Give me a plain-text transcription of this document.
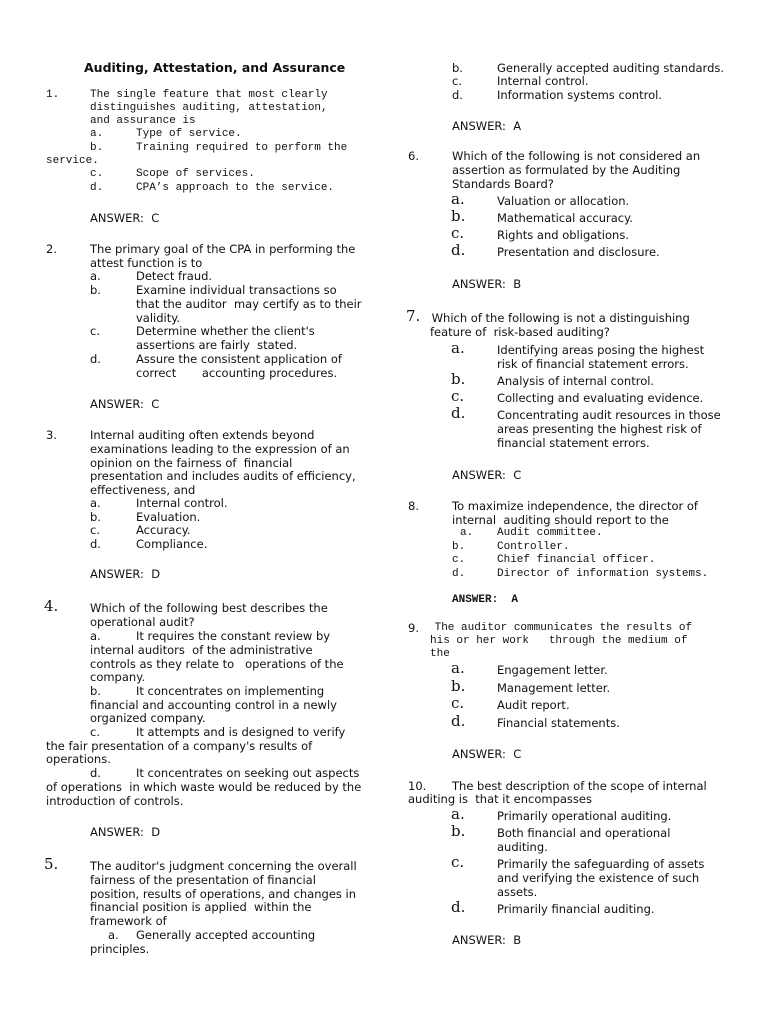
Auditing, Attestation, and Assurance
1.	The single feature that most clearly
distinguishes auditing, attestation,
and assurance is
a.	Type of service.
b.	Training required to perform the
service.
c.	Scope of services.
d.	CPA’s approach to the service.
ANSWER:  C
2.	The primary goal of the CPA in performing the
attest function is to
a.	Detect fraud.
b.	Examine individual transactions so
that the auditor  may certify as to their
validity.
c.	Determine whether the client's
assertions are fairly  stated.
d.	Assure the consistent application of
correct       accounting procedures.
ANSWER:  C
3.	Internal auditing often extends beyond
examinations leading to the expression of an
opinion on the fairness of  financial
presentation and includes audits of efficiency,
effectiveness, and
a.	Internal control.
b.	Evaluation.
c.	Accuracy.
d.	Compliance.
ANSWER:  D
4.	Which of the following best describes the
operational audit?
a.	It requires the constant review by
internal auditors  of the administrative
controls as they relate to   operations of the
company.
b.	It concentrates on implementing
financial and accounting control in a newly
organized company.
c.	It attempts and is designed to verify
the fair presentation of a company's results of
operations.
d.	It concentrates on seeking out aspects
of operations  in which waste would be reduced by the
introduction of controls.
ANSWER:  D
5.	The auditor's judgment concerning the overall
fairness of the presentation of financial
position, results of operations, and changes in
financial position is applied  within the
framework of
a. Generally accepted accounting
principles.
b.	Generally accepted auditing standards.
c.	Internal control.
d.	Information systems control.
ANSWER:  A
6.	Which of the following is not considered an
assertion as formulated by the Auditing
Standards Board?
a.	Valuation or allocation.
b.	Mathematical accuracy.
c.	Rights and obligations.
d.	Presentation and disclosure.
ANSWER:  B
7. Which of the following is not a distinguishing
feature of  risk-based auditing?
a.	Identifying areas posing the highest
risk of financial statement errors.
b.	Analysis of internal control.
c.	Collecting and evaluating evidence.
d.	Concentrating audit resources in those
areas presenting the highest risk of
financial statement errors.
ANSWER:  C
8.	To maximize independence, the director of
internal  auditing should report to the
a. Audit committee.
b.	Controller.
c.	Chief financial officer.
d.	Director of information systems.
ANSWER:  A
9. The auditor communicates the results of
his or her work   through the medium of
the
a.	Engagement letter.
b.	Management letter.
c.	Audit report.
d.	Financial statements.
ANSWER:  C
10. The best description of the scope of internal
auditing is  that it encompasses
a.	Primarily operational auditing.
b.	Both financial and operational
auditing.
c.	Primarily the safeguarding of assets
and verifying the existence of such
assets.
d.	Primarily financial auditing.
ANSWER:  B
